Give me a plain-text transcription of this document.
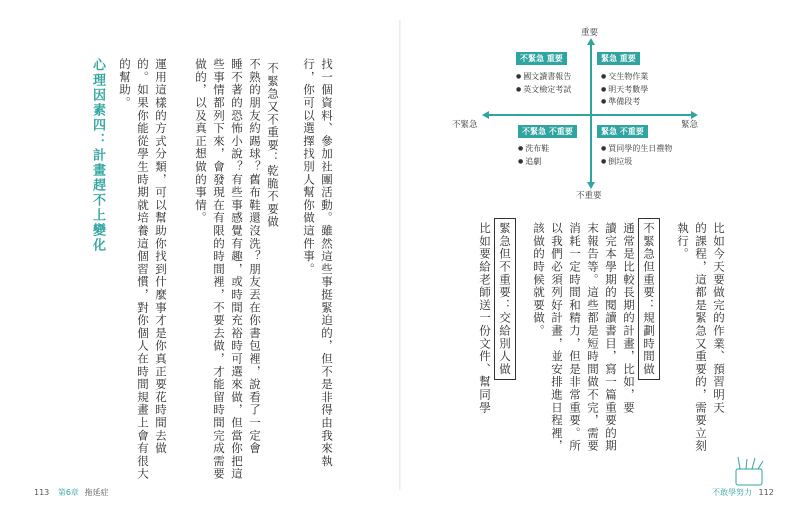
心理因素四：計畫趕不上變化 的幫助。 的。如果你能從學生時期就培養這個習慣，對你個人在時間規畫上會有很大 運用這樣的方式分類，可以幫助你找到什麼事才是你真正要花時間去做 做的，以及真正想做的事情。 些事情都列下來，會發現在有限的時間裡，不要去做，才能留時間完成需要 睡不著的恐怖小說？有些事感覺有趣，或時間充裕時可選來做，但當你把這 不熟的朋友約踢球？舊布鞋還沒洗？朋友丟在你書包裡，說看了一定會 不緊急又不重要：乾脆不要做 行，你可以選擇找別人幫你做這件事。 找一個資料、參加社團活動。雖然這些事挺緊迫的，但不是非得由我來執
113 第6章 拖延症
重要
不重要
不緊急	緊急
不緊急 重要
● 國文讀書報告
● 英文檢定考試
緊急 重要
● 交生物作業
● 明天考數學
● 準備段考
不緊急 不重要
● 洗布鞋
● 追劇
緊急 不重要
● 買同學的生日禮物
● 倒垃圾
比如要給老師送一份文件、幫同學 緊急但不重要：交給別人做	該做的時候就要做。 以我們必須列好計畫，並安排進日程裡， 消耗一定時間和精力，但是非常重要。所 末報告等。這些都是短時間做不完，需要 讀完本學期的閱讀書目，寫一篇重要的期 通常是比較長期的計畫，比如，要 不緊急但重要：規劃時間做	執行。 的課程，這都是緊急又重要的，需要立刻 比如今天要做完的作業、預習明天
不敢學努力 112
